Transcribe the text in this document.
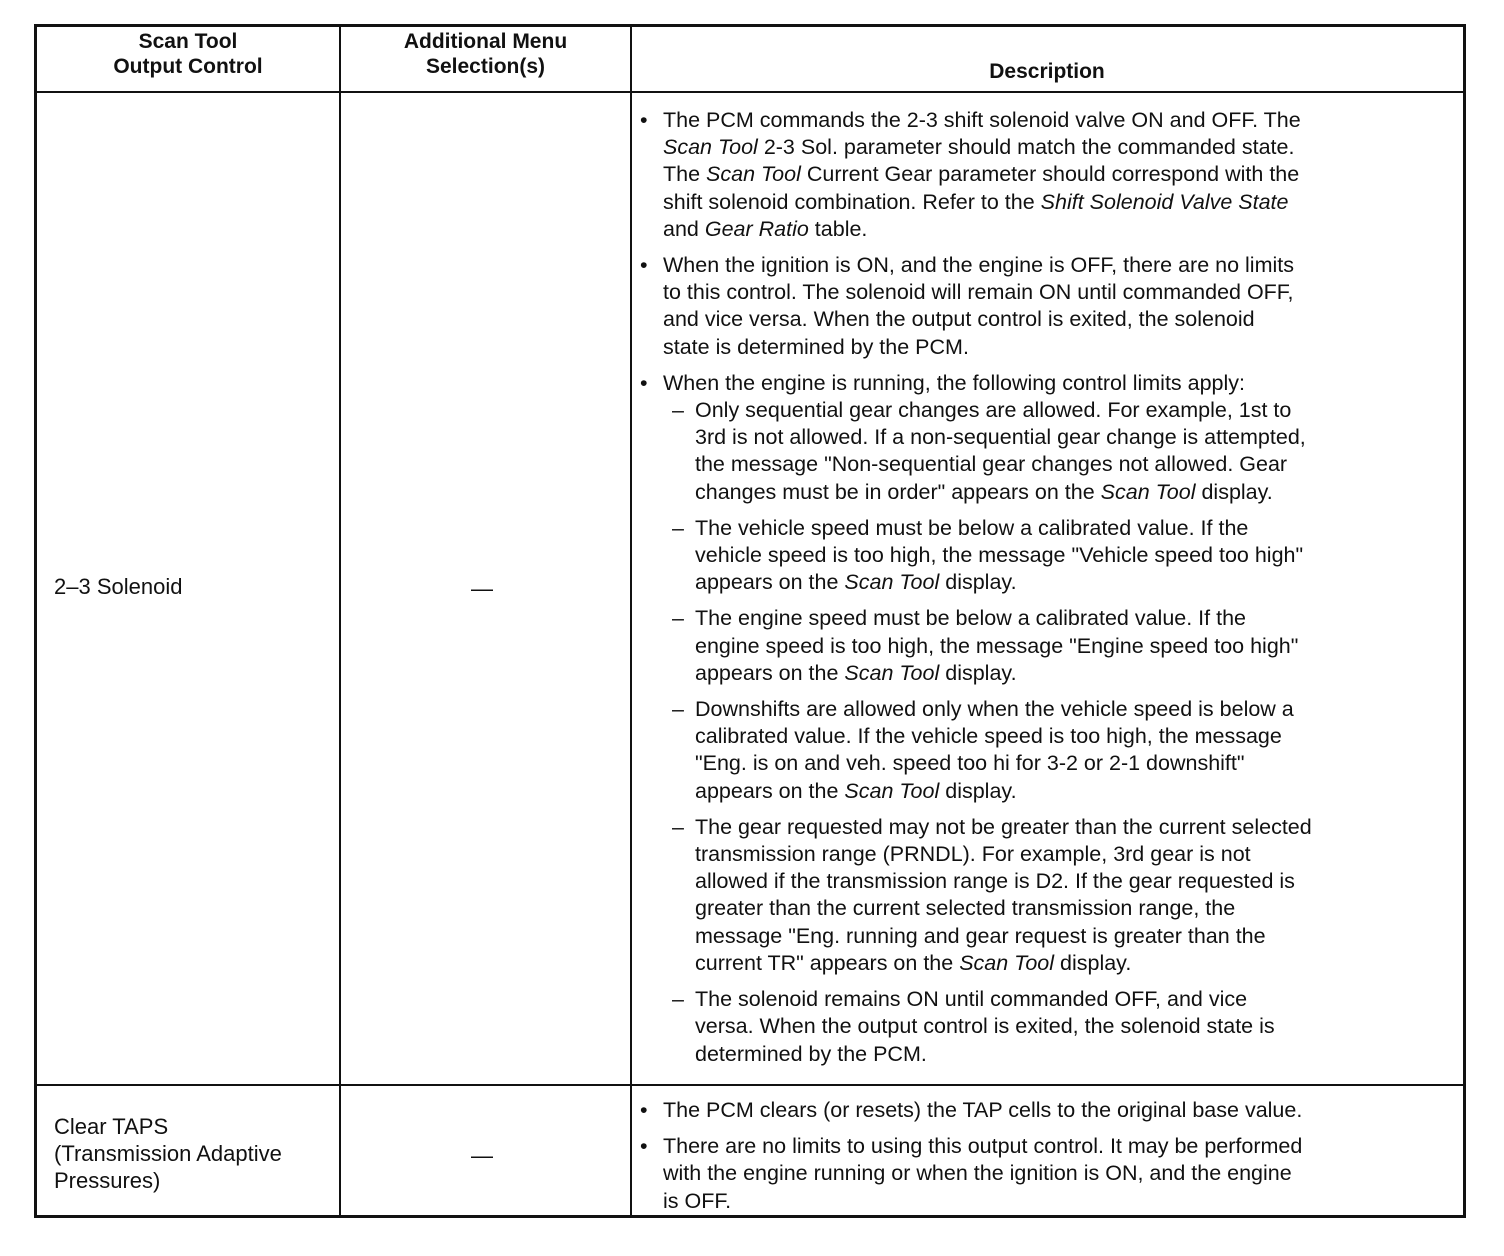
Scan Tool
Output Control
Additional Menu
Selection(s)	Description
2–3 Solenoid	—
• The PCM commands the 2-3 shift solenoid valve ON and OFF. The
Scan Tool 2-3 Sol. parameter should match the commanded state.
The Scan Tool Current Gear parameter should correspond with the
shift solenoid combination. Refer to the Shift Solenoid Valve State
and Gear Ratio table.
• When the ignition is ON, and the engine is OFF, there are no limits
to this control. The solenoid will remain ON until commanded OFF,
and vice versa. When the output control is exited, the solenoid
state is determined by the PCM.
• When the engine is running, the following control limits apply:
– Only sequential gear changes are allowed. For example, 1st to
3rd is not allowed. If a non-sequential gear change is attempted,
the message "Non-sequential gear changes not allowed. Gear
changes must be in order" appears on the Scan Tool display.
– The vehicle speed must be below a calibrated value. If the
vehicle speed is too high, the message "Vehicle speed too high"
appears on the Scan Tool display.
– The engine speed must be below a calibrated value. If the
engine speed is too high, the message "Engine speed too high"
appears on the Scan Tool display.
– Downshifts are allowed only when the vehicle speed is below a
calibrated value. If the vehicle speed is too high, the message
"Eng. is on and veh. speed too hi for 3-2 or 2-1 downshift"
appears on the Scan Tool display.
– The gear requested may not be greater than the current selected
transmission range (PRNDL). For example, 3rd gear is not
allowed if the transmission range is D2. If the gear requested is
greater than the current selected transmission range, the
message "Eng. running and gear request is greater than the
current TR" appears on the Scan Tool display.
– The solenoid remains ON until commanded OFF, and vice
versa. When the output control is exited, the solenoid state is
determined by the PCM.
Clear TAPS
(Transmission Adaptive
Pressures)
—
• The PCM clears (or resets) the TAP cells to the original base value.
• There are no limits to using this output control. It may be performed
with the engine running or when the ignition is ON, and the engine
is OFF.
